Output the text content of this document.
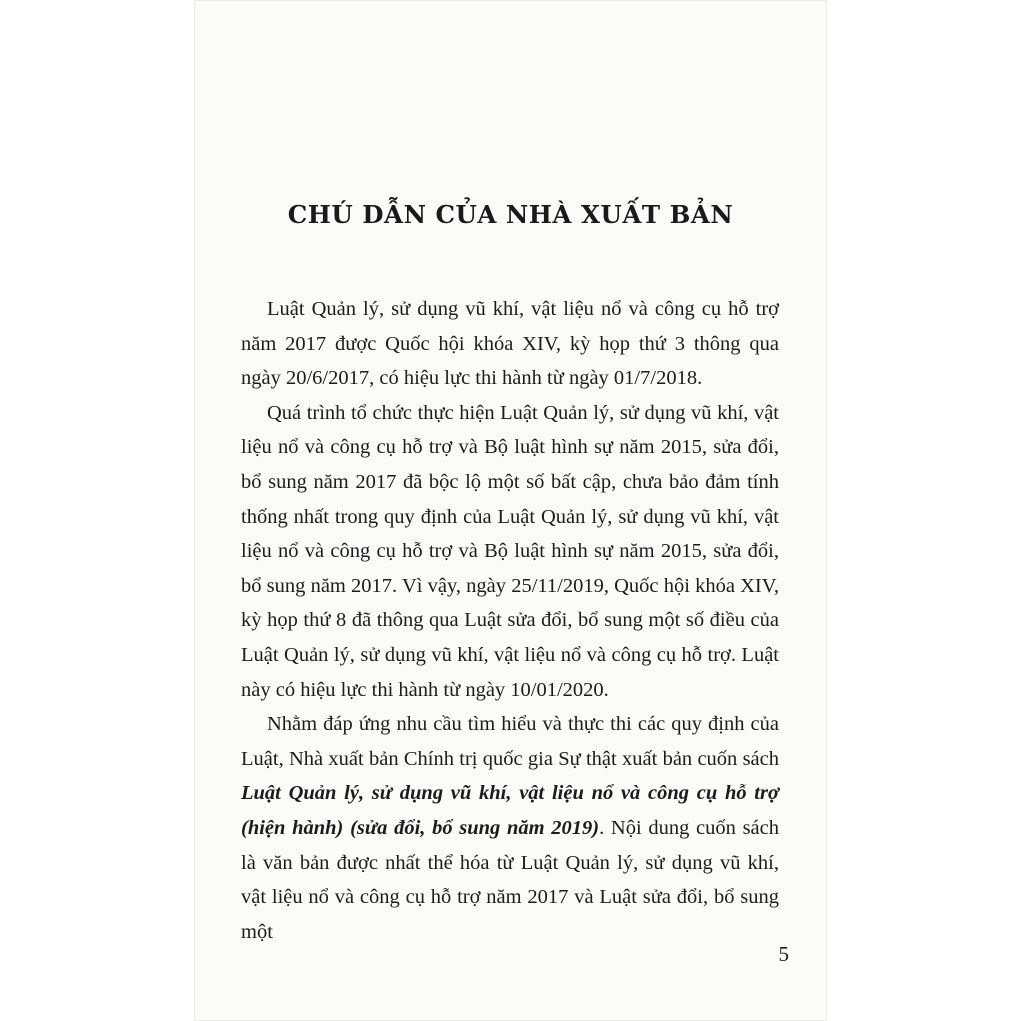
CHÚ DẪN CỦA NHÀ XUẤT BẢN

Luật Quản lý, sử dụng vũ khí, vật liệu nổ và công cụ hỗ trợ năm 2017 được Quốc hội khóa XIV, kỳ họp thứ 3 thông qua ngày 20/6/2017, có hiệu lực thi hành từ ngày 01/7/2018.

Quá trình tổ chức thực hiện Luật Quản lý, sử dụng vũ khí, vật liệu nổ và công cụ hỗ trợ và Bộ luật hình sự năm 2015, sửa đổi, bổ sung năm 2017 đã bộc lộ một số bất cập, chưa bảo đảm tính thống nhất trong quy định của Luật Quản lý, sử dụng vũ khí, vật liệu nổ và công cụ hỗ trợ và Bộ luật hình sự năm 2015, sửa đổi, bổ sung năm 2017. Vì vậy, ngày 25/11/2019, Quốc hội khóa XIV, kỳ họp thứ 8 đã thông qua Luật sửa đổi, bổ sung một số điều của Luật Quản lý, sử dụng vũ khí, vật liệu nổ và công cụ hỗ trợ. Luật này có hiệu lực thi hành từ ngày 10/01/2020.

Nhằm đáp ứng nhu cầu tìm hiểu và thực thi các quy định của Luật, Nhà xuất bản Chính trị quốc gia Sự thật xuất bản cuốn sách Luật Quản lý, sử dụng vũ khí, vật liệu nổ và công cụ hỗ trợ (hiện hành) (sửa đổi, bổ sung năm 2019). Nội dung cuốn sách là văn bản được nhất thể hóa từ Luật Quản lý, sử dụng vũ khí, vật liệu nổ và công cụ hỗ trợ năm 2017 và Luật sửa đổi, bổ sung một

5
